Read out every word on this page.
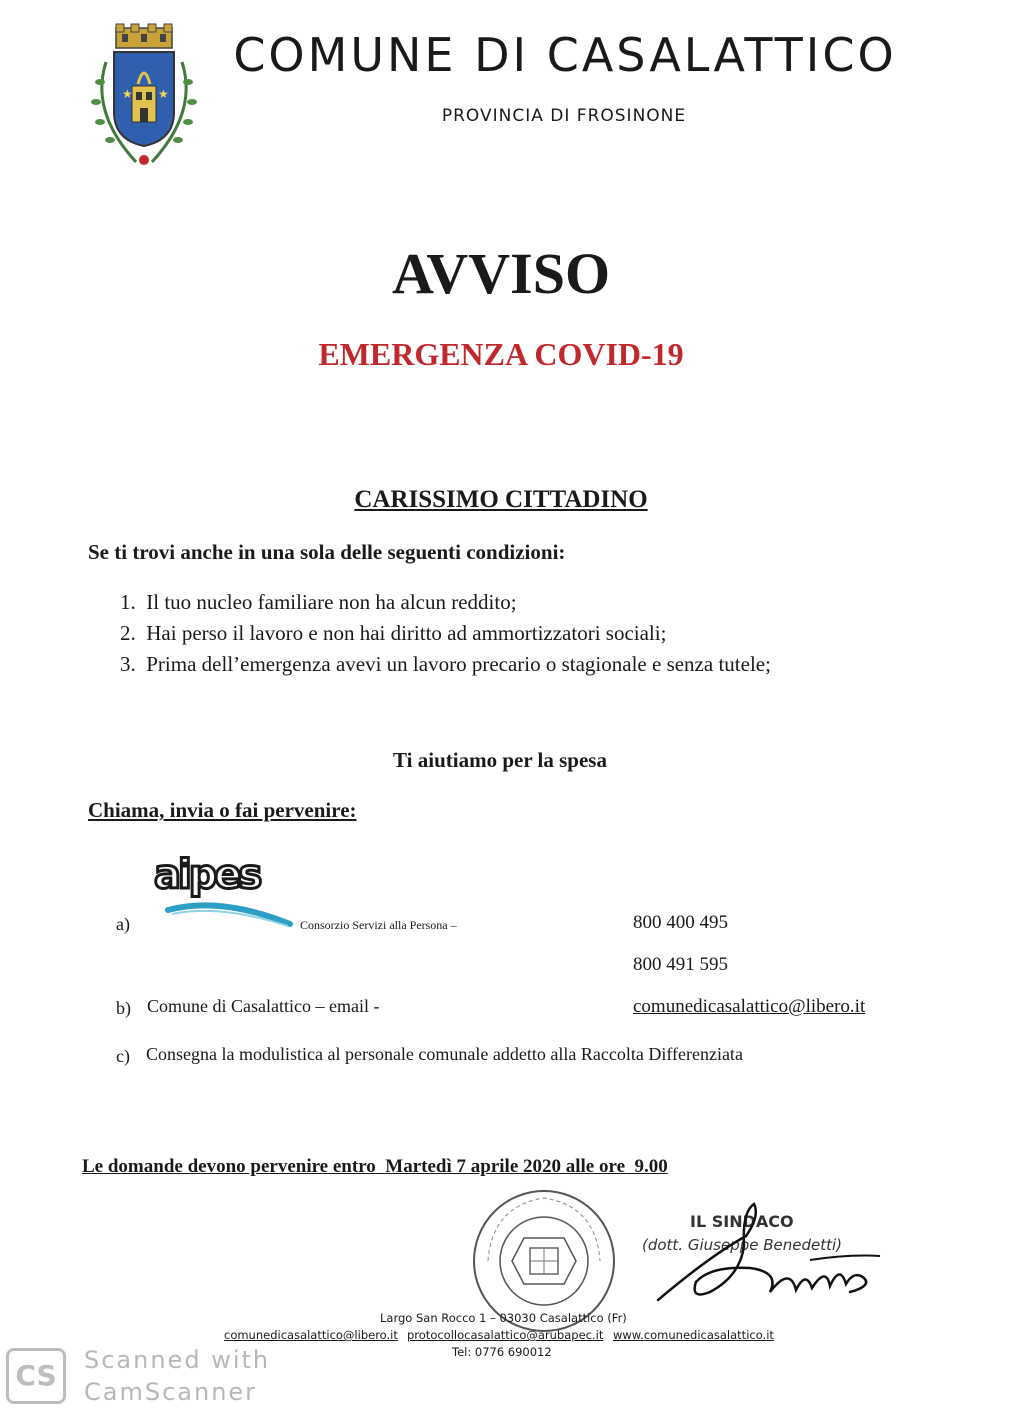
★ ★
COMUNE DI CASALATTICO
PROVINCIA DI FROSINONE
AVVISO
EMERGENZA COVID-19
CARISSIMO CITTADINO
Se ti trovi anche in una sola delle seguenti condizioni:
1. Il tuo nucleo familiare non ha alcun reddito;
2. Hai perso il lavoro e non hai diritto ad ammortizzatori sociali;
3. Prima dell’emergenza avevi un lavoro precario o stagionale e senza tutele;
Ti aiutiamo per la spesa
Chiama, invia o fai pervenire:
aipes
a)	Consorzio Servizi alla Persona –	800 400 495
800 491 595
b) Comune di Casalattico – email -	comunedicasalattico@libero.it
c) Consegna la modulistica al personale comunale addetto alla Raccolta Differenziata
Le domande devono pervenire entro  Martedì 7 aprile 2020 alle ore  9.00
IL SINDACO
(dott. Giuseppe Benedetti)
Largo San Rocco 1 – 03030 Casalattico (Fr)
comunedicasalattico@libero.it protocollocasalattico@arubapec.it www.comunedicasalattico.it
Tel: 0776 690012
CS	Scanned with
CamScanner
